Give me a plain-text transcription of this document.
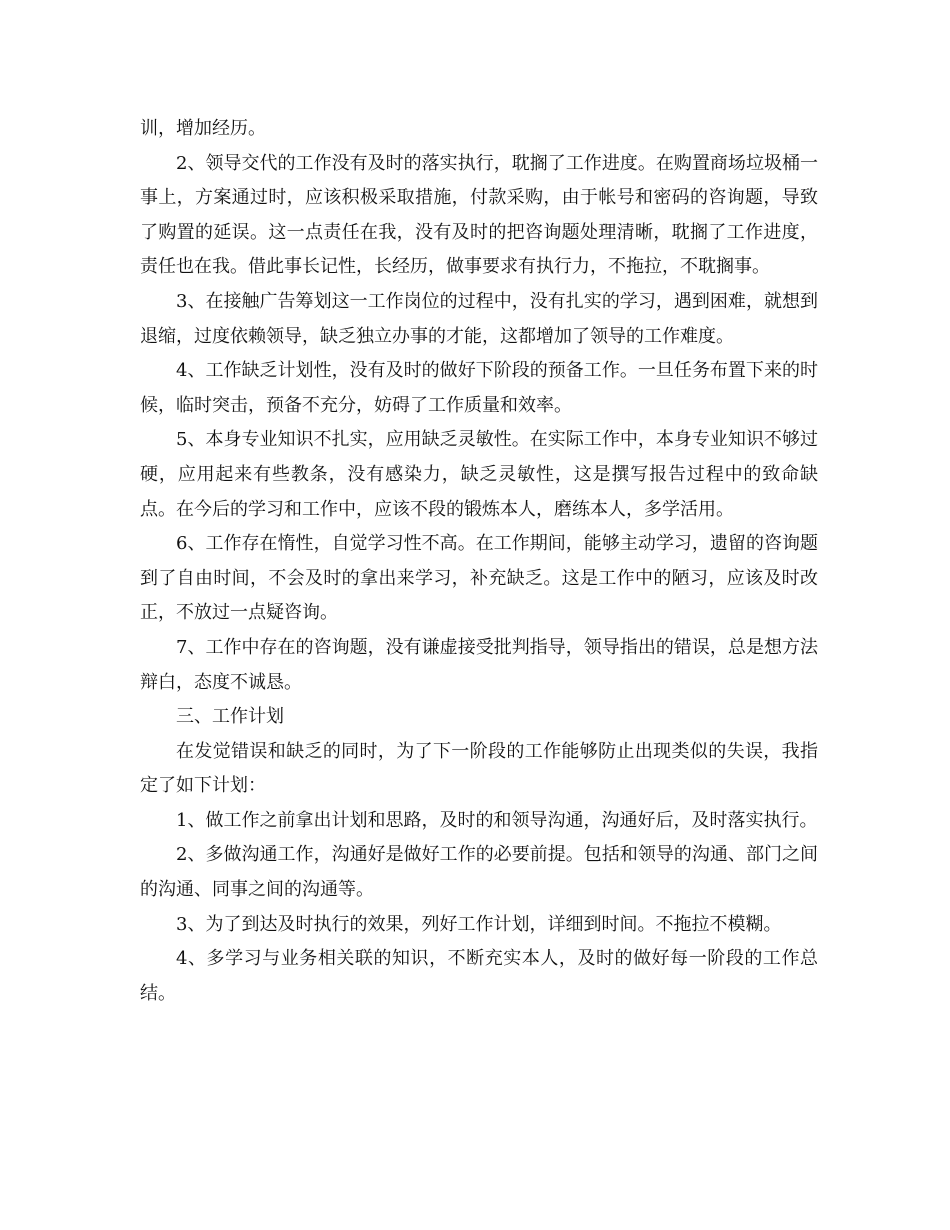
训，增加经历。

2、领导交代的工作没有及时的落实执行，耽搁了工作进度。在购置商场垃圾桶一事上，方案通过时，应该积极采取措施，付款采购，由于帐号和密码的咨询题，导致了购置的延误。这一点责任在我，没有及时的把咨询题处理清晰，耽搁了工作进度，责任也在我。借此事长记性，长经历，做事要求有执行力，不拖拉，不耽搁事。

3、在接触广告筹划这一工作岗位的过程中，没有扎实的学习，遇到困难，就想到退缩，过度依赖领导，缺乏独立办事的才能，这都增加了领导的工作难度。

4、工作缺乏计划性，没有及时的做好下阶段的预备工作。一旦任务布置下来的时候，临时突击，预备不充分，妨碍了工作质量和效率。

5、本身专业知识不扎实，应用缺乏灵敏性。在实际工作中，本身专业知识不够过硬，应用起来有些教条，没有感染力，缺乏灵敏性，这是撰写报告过程中的致命缺点。在今后的学习和工作中，应该不段的锻炼本人，磨练本人，多学活用。

6、工作存在惰性，自觉学习性不高。在工作期间，能够主动学习，遗留的咨询题到了自由时间，不会及时的拿出来学习，补充缺乏。这是工作中的陋习，应该及时改正，不放过一点疑咨询。

7、工作中存在的咨询题，没有谦虚接受批判指导，领导指出的错误，总是想方法辩白，态度不诚恳。

三、工作计划

在发觉错误和缺乏的同时，为了下一阶段的工作能够防止出现类似的失误，我指定了如下计划：

1、做工作之前拿出计划和思路，及时的和领导沟通，沟通好后，及时落实执行。

2、多做沟通工作，沟通好是做好工作的必要前提。包括和领导的沟通、部门之间的沟通、同事之间的沟通等。

3、为了到达及时执行的效果，列好工作计划，详细到时间。不拖拉不模糊。

4、多学习与业务相关联的知识，不断充实本人，及时的做好每一阶段的工作总结。
